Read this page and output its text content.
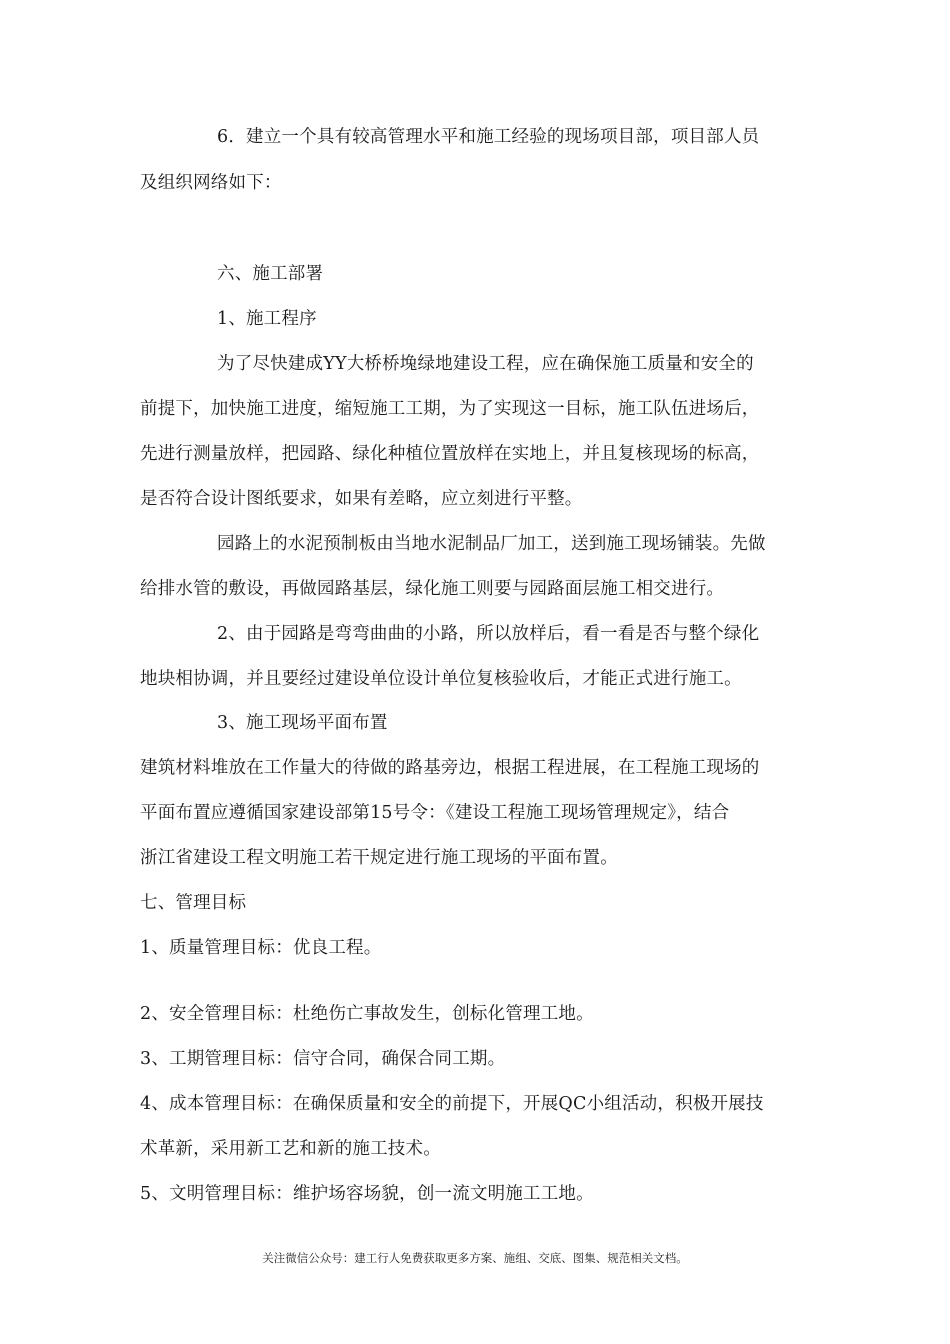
6．建立一个具有较高管理水平和施工经验的现场项目部，项目部人员
及组织网络如下：
六、施工部署
1、施工程序
为了尽快建成YY大桥桥堍绿地建设工程，应在确保施工质量和安全的
前提下，加快施工进度，缩短施工工期，为了实现这一目标，施工队伍进场后，
先进行测量放样，把园路、绿化种植位置放样在实地上，并且复核现场的标高，
是否符合设计图纸要求，如果有差略，应立刻进行平整。
园路上的水泥预制板由当地水泥制品厂加工，送到施工现场铺装。先做
给排水管的敷设，再做园路基层，绿化施工则要与园路面层施工相交进行。
2、由于园路是弯弯曲曲的小路，所以放样后，看一看是否与整个绿化
地块相协调，并且要经过建设单位设计单位复核验收后，才能正式进行施工。
3、施工现场平面布置
建筑材料堆放在工作量大的待做的路基旁边，根据工程进展，在工程施工现场的
平面布置应遵循国家建设部第15号令：《建设工程施工现场管理规定》，结合
浙江省建设工程文明施工若干规定进行施工现场的平面布置。
七、管理目标
1、质量管理目标：优良工程。
2、安全管理目标：杜绝伤亡事故发生，创标化管理工地。
3、工期管理目标：信守合同，确保合同工期。
4、成本管理目标：在确保质量和安全的前提下，开展QC小组活动，积极开展技
术革新，采用新工艺和新的施工技术。
5、文明管理目标：维护场容场貌，创一流文明施工工地。
关注微信公众号：建工行人免费获取更多方案、施组、交底、图集、规范相关文档。
